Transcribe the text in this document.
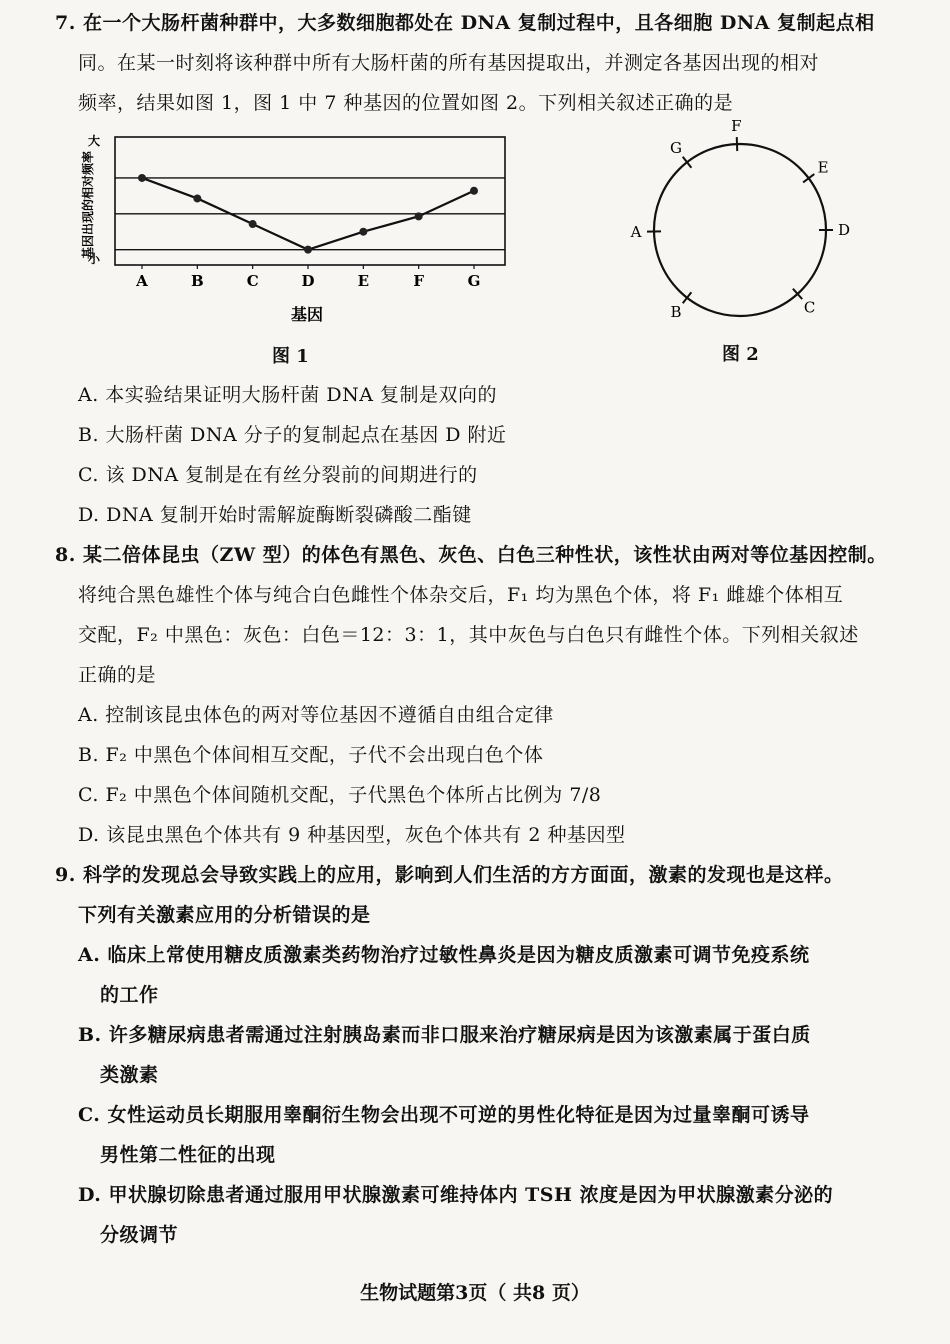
7. 在一个大肠杆菌种群中，大多数细胞都处在 DNA 复制过程中，且各细胞 DNA 复制起点相
同。在某一时刻将该种群中所有大肠杆菌的所有基因提取出，并测定各基因出现的相对
频率，结果如图 1，图 1 中 7 种基因的位置如图 2。下列相关叙述正确的是
A	B	C	D	E	F	G
大
小
基因出现的相对频率
基因
图 1
F
G
E
D
A
B	C
图 2
A. 本实验结果证明大肠杆菌 DNA 复制是双向的
B. 大肠杆菌 DNA 分子的复制起点在基因 D 附近
C. 该 DNA 复制是在有丝分裂前的间期进行的
D. DNA 复制开始时需解旋酶断裂磷酸二酯键
8. 某二倍体昆虫（ZW 型）的体色有黑色、灰色、白色三种性状，该性状由两对等位基因控制。
将纯合黑色雄性个体与纯合白色雌性个体杂交后，F₁ 均为黑色个体，将 F₁ 雌雄个体相互
交配，F₂ 中黑色：灰色：白色＝12：3：1，其中灰色与白色只有雌性个体。下列相关叙述
正确的是
A. 控制该昆虫体色的两对等位基因不遵循自由组合定律
B. F₂ 中黑色个体间相互交配，子代不会出现白色个体
C. F₂ 中黑色个体间随机交配，子代黑色个体所占比例为 7/8
D. 该昆虫黑色个体共有 9 种基因型，灰色个体共有 2 种基因型
9. 科学的发现总会导致实践上的应用，影响到人们生活的方方面面，激素的发现也是这样。
下列有关激素应用的分析错误的是
A. 临床上常使用糖皮质激素类药物治疗过敏性鼻炎是因为糖皮质激素可调节免疫系统
的工作
B. 许多糖尿病患者需通过注射胰岛素而非口服来治疗糖尿病是因为该激素属于蛋白质
类激素
C. 女性运动员长期服用睾酮衍生物会出现不可逆的男性化特征是因为过量睾酮可诱导
男性第二性征的出现
D. 甲状腺切除患者通过服用甲状腺激素可维持体内 TSH 浓度是因为甲状腺激素分泌的
分级调节
生物试题第3页（ 共8 页）
